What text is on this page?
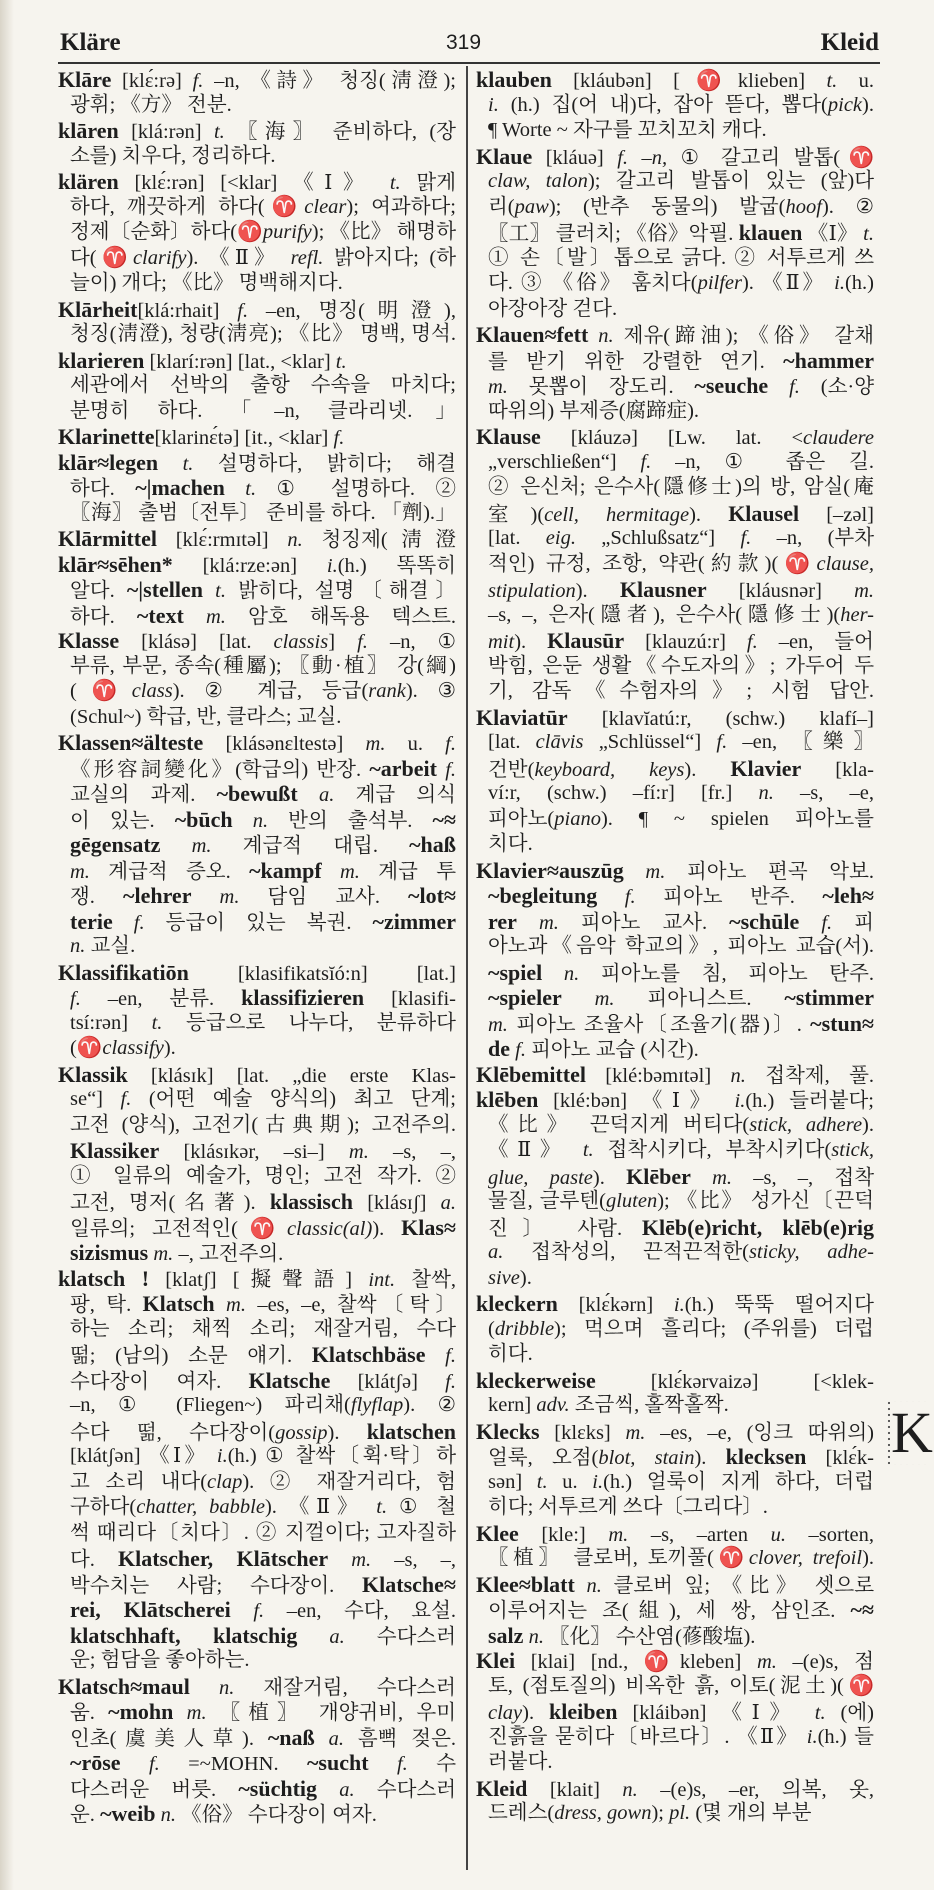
Kläre	319	Kleid
Klāre [klɛ́:rə] f. –n, 《詩》 청징(淸澄);
광휘; 《方》 전분.
klāren [klá:rən] t. 〖海〗 준비하다, (장
소를) 치우다, 정리하다.
klären [klɛ́:rən] [<klar] 《Ⅰ》 t. 맑게
하다, 깨끗하게 하다(♈clear); 여과하다;
정제〔순화〕하다(♈purify); 《比》 해명하
다(♈clarify). 《Ⅱ》 refl. 밝아지다; (하
늘이) 개다; 《比》 명백해지다.
Klārheit[klá:rhait] f. –en, 명징(明澄),
청징(淸澄), 청량(淸亮); 《比》 명백, 명석.
klarieren [klarí:rən] [lat., <klar] t.
세관에서 선박의 출항 수속을 마치다;
분명히 하다. 「–n, 클라리넷.」
Klarinette[klarinɛ́tə] [it., <klar] f.
klār≈legen t. 설명하다, 밝히다; 해결
하다. ~|machen t. ① 설명하다. ②
〖海〗 출범〔전투〕 준비를 하다. 「劑).」
Klārmittel [klɛ́:rmɪtəl] n. 청징제(淸澄
klār≈sēhen* [klá:rze:ən] i.(h.) 똑똑히
알다. ~|stellen t. 밝히다, 설명〔해결〕
하다. ~text m. 암호 해독용 텍스트.
Klasse [klásə] [lat. classis] f. –n, ①
부류, 부문, 종속(種屬); 〖動·植〗 강(綱)
(♈class). ② 계급, 등급(rank). ③
(Schul~) 학급, 반, 클라스; 교실.
Klassen≈älteste [klásənɛltestə] m. u. f.
《形容詞變化》(학급의) 반장. ~arbeit f.
교실의 과제. ~bewußt a. 계급 의식
이 있는. ~būch n. 반의 출석부. ~≈
gēgensatz m. 계급적 대립. ~haß
m. 계급적 증오. ~kampf m. 계급 투
쟁. ~lehrer m. 담임 교사. ~lot≈
terie f. 등급이 있는 복권. ~zimmer
n. 교실.
Klassifikatiōn [klasifikatsĭó:n] [lat.]
f. –en, 분류. klassifizieren [klasifi-
tsí:rən] t. 등급으로 나누다, 분류하다
(♈classify).
Klassik [klásɪk] [lat. „die erste Klas-
se“] f. (어떤 예술 양식의) 최고 단계;
고전 (양식), 고전기(古典期); 고전주의.
Klassiker [klásɪkər, –si–] m. –s, –,
① 일류의 예술가, 명인; 고전 작가. ②
고전, 명저(名著). klassisch [klásɪʃ] a.
일류의; 고전적인(♈classic(al)). Klas≈
sizismus m. –, 고전주의.
klatsch ! [klatʃ] [擬聲語] int. 찰싹,
팡, 탁. Klatsch m. –es, –e, 찰싹〔탁〕
하는 소리; 채찍 소리; 재잘거림, 수다
떪; (남의) 소문 얘기. Klatschbäse f.
수다장이 여자. Klatsche [klátʃə] f.
–n, ① (Fliegen~) 파리채(flyflap). ②
수다 떪, 수다장이(gossip). klatschen
[klátʃən] 《Ⅰ》 i.(h.) ① 찰싹〔휙·탁〕하
고 소리 내다(clap). ② 재잘거리다, 험
구하다(chatter, babble). 《Ⅱ》 t. ① 철
썩 때리다〔치다〕. ② 지껄이다; 고자질하
다. Klatscher, Klātscher m. –s, –,
박수치는 사람; 수다장이. Klatsche≈
rei, Klātscherei f. –en, 수다, 요설.
klatschhaft, klatschig a. 수다스러
운; 험담을 좋아하는.
Klatsch≈maul n. 재잘거림, 수다스러
움. ~mohn m. 〖植〗 개양귀비, 우미
인초(虞美人草). ~naß a. 흠뻑 젖은.
~rōse f. =~MOHN. ~sucht f. 수
다스러운 버릇. ~süchtig a. 수다스러
운. ~weib n. 《俗》 수다장이 여자.
klauben [kláubən] [♈klieben] t. u.
i. (h.) 집(어 내)다, 잡아 뜯다, 뽑다(pick).
¶ Worte ~ 자구를 꼬치꼬치 캐다.
Klaue [kláuə] f. –n, ① 갈고리 발톱(♈
claw, talon); 갈고리 발톱이 있는 (앞)다
리(paw); (반추 동물의) 발굽(hoof). ②
〖工〗 클러치; 《俗》악필. klauen 《Ⅰ》 t.
① 손〔발〕톱으로 긁다. ② 서투르게 쓰
다. ③ 《俗》 훔치다(pilfer). 《Ⅱ》 i.(h.)
아장아장 걷다.
Klauen≈fett n. 제유(蹄油); 《俗》 갈채
를 받기 위한 강렬한 연기. ~hammer
m. 못뽑이 장도리. ~seuche f. (소·양
따위의) 부제증(腐蹄症).
Klause [kláuzə] [Lw. lat. <claudere
„verschließen“] f. –n, ① 좁은 길.
② 은신처; 은수사(隱修士)의 방, 암실(庵
室)(cell, hermitage). Klausel [–zəl]
[lat. eig. „Schlußsatz“] f. –n, (부차
적인) 규정, 조항, 약관(約款)(♈clause,
stipulation). Klausner [kláusnər] m.
–s, –, 은자(隱者), 은수사(隱修士)(her-
mit). Klausūr [klauzú:r] f. –en, 들어
박힘, 은둔 생활《수도자의》; 가두어 두
기, 감독《수험자의》; 시험 답안.
Klaviatūr [klavĭatú:r, (schw.) klafí–]
[lat. clāvis „Schlüssel“] f. –en, 〖樂〗
건반(keyboard, keys). Klavier [kla-
ví:r, (schw.) –fí:r] [fr.] n. –s, –e,
피아노(piano). ¶ ~ spielen 피아노를
치다.
Klavier≈auszūg m. 피아노 편곡 악보.
~begleitung f. 피아노 반주. ~leh≈
rer m. 피아노 교사. ~schūle f. 피
아노과《음악 학교의》, 피아노 교습(서).
~spiel n. 피아노를 침, 피아노 탄주.
~spieler m. 피아니스트. ~stimmer
m. 피아노 조율사〔조율기(器)〕. ~stun≈
de f. 피아노 교습 (시간).
Klēbemittel [klé:bəmɪtəl] n. 접착제, 풀.
klēben [klé:bən] 《Ⅰ》 i.(h.) 들러붙다;
《比》 끈덕지게 버티다(stick, adhere).
《Ⅱ》 t. 접착시키다, 부착시키다(stick,
glue, paste). Klēber m. –s, –, 접착
물질, 글루텐(gluten); 《比》 성가신〔끈덕
진〕 사람. Klēb(e)richt, klēb(e)rig
a. 접착성의, 끈적끈적한(sticky, adhe-
sive).
kleckern [klɛ́kərn] i.(h.) 뚝뚝 떨어지다
(dribble); 먹으며 흘리다; (주위를) 더럽
히다.
kleckerweise [klɛ́kərvaizə] [<klek-
kern] adv. 조금씩, 홀짝홀짝.
Klecks [klɛks] m. –es, –e, (잉크 따위의)
얼룩, 오점(blot, stain). klecksen [klɛ́k-
sən] t. u. i.(h.) 얼룩이 지게 하다, 더럽
히다; 서투르게 쓰다〔그리다〕.
Klee [kle:] m. –s, –arten u. –sorten,
〖植〗 클로버, 토끼풀(♈clover, trefoil).
Klee≈blatt n. 클로버 잎; 《比》 셋으로
이루어지는 조(組), 세 쌍, 삼인조. ~≈
salz n. 〖化〗 수산염(蓚酸塩).
Klei [klai] [nd., ♈kleben] m. –(e)s, 점
토, (점토질의) 비옥한 흙, 이토(泥土)(♈
clay). kleiben [kláibən] 《Ⅰ》 t. (에)
진흙을 묻히다〔바르다〕. 《Ⅱ》 i.(h.) 들
러붙다.
Kleid [klait] n. –(e)s, –er, 의복, 옷,
드레스(dress, gown); pl. (몇 개의 부분
K
